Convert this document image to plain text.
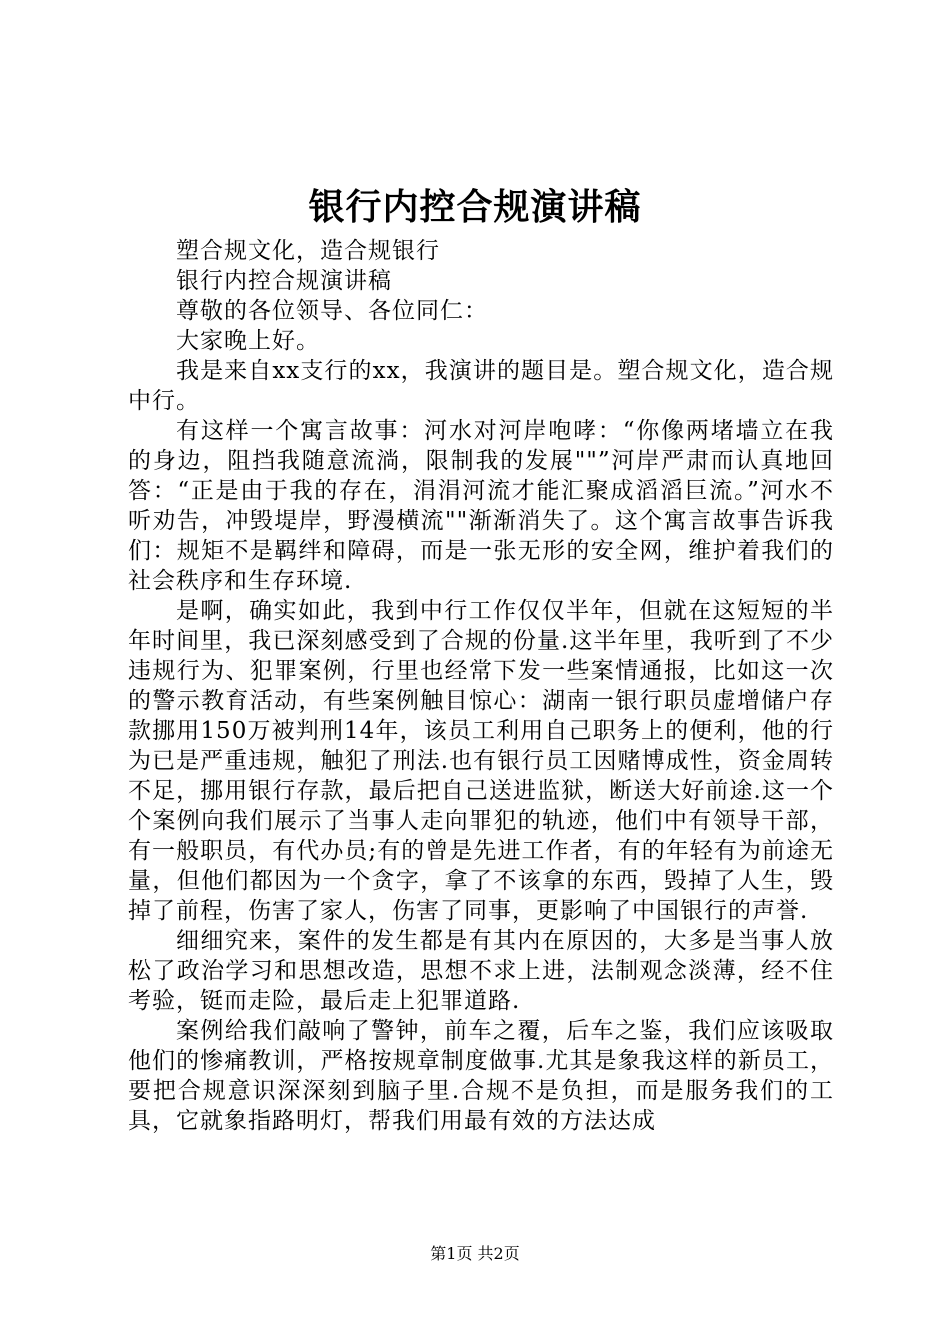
银行内控合规演讲稿

塑合规文化，造合规银行

银行内控合规演讲稿

尊敬的各位领导、各位同仁：

大家晚上好。

我是来自xx支行的xx，我演讲的题目是。塑合规文化，造合规中行。

有这样一个寓言故事：河水对河岸咆哮：“你像两堵墙立在我的身边，阻挡我随意流淌，限制我的发展""”河岸严肃而认真地回答：“正是由于我的存在，涓涓河流才能汇聚成滔滔巨流。”河水不听劝告，冲毁堤岸，野漫横流""渐渐消失了。这个寓言故事告诉我们：规矩不是羁绊和障碍，而是一张无形的安全网，维护着我们的社会秩序和生存环境.

是啊，确实如此，我到中行工作仅仅半年，但就在这短短的半年时间里，我已深刻感受到了合规的份量.这半年里，我听到了不少违规行为、犯罪案例，行里也经常下发一些案情通报，比如这一次的警示教育活动，有些案例触目惊心：湖南一银行职员虚增储户存款挪用150万被判刑14年，该员工利用自己职务上的便利，他的行为已是严重违规，触犯了刑法.也有银行员工因赌博成性，资金周转不足，挪用银行存款，最后把自己送进监狱，断送大好前途.这一个个案例向我们展示了当事人走向罪犯的轨迹，他们中有领导干部，有一般职员，有代办员;有的曾是先进工作者，有的年轻有为前途无量，但他们都因为一个贪字，拿了不该拿的东西，毁掉了人生，毁掉了前程，伤害了家人，伤害了同事，更影响了中国银行的声誉.

细细究来，案件的发生都是有其内在原因的，大多是当事人放松了政治学习和思想改造，思想不求上进，法制观念淡薄，经不住考验，铤而走险，最后走上犯罪道路.

案例给我们敲响了警钟，前车之覆，后车之鉴，我们应该吸取他们的惨痛教训，严格按规章制度做事.尤其是象我这样的新员工，要把合规意识深深刻到脑子里.合规不是负担，而是服务我们的工具，它就象指路明灯，帮我们用最有效的方法达成

第1页 共2页
